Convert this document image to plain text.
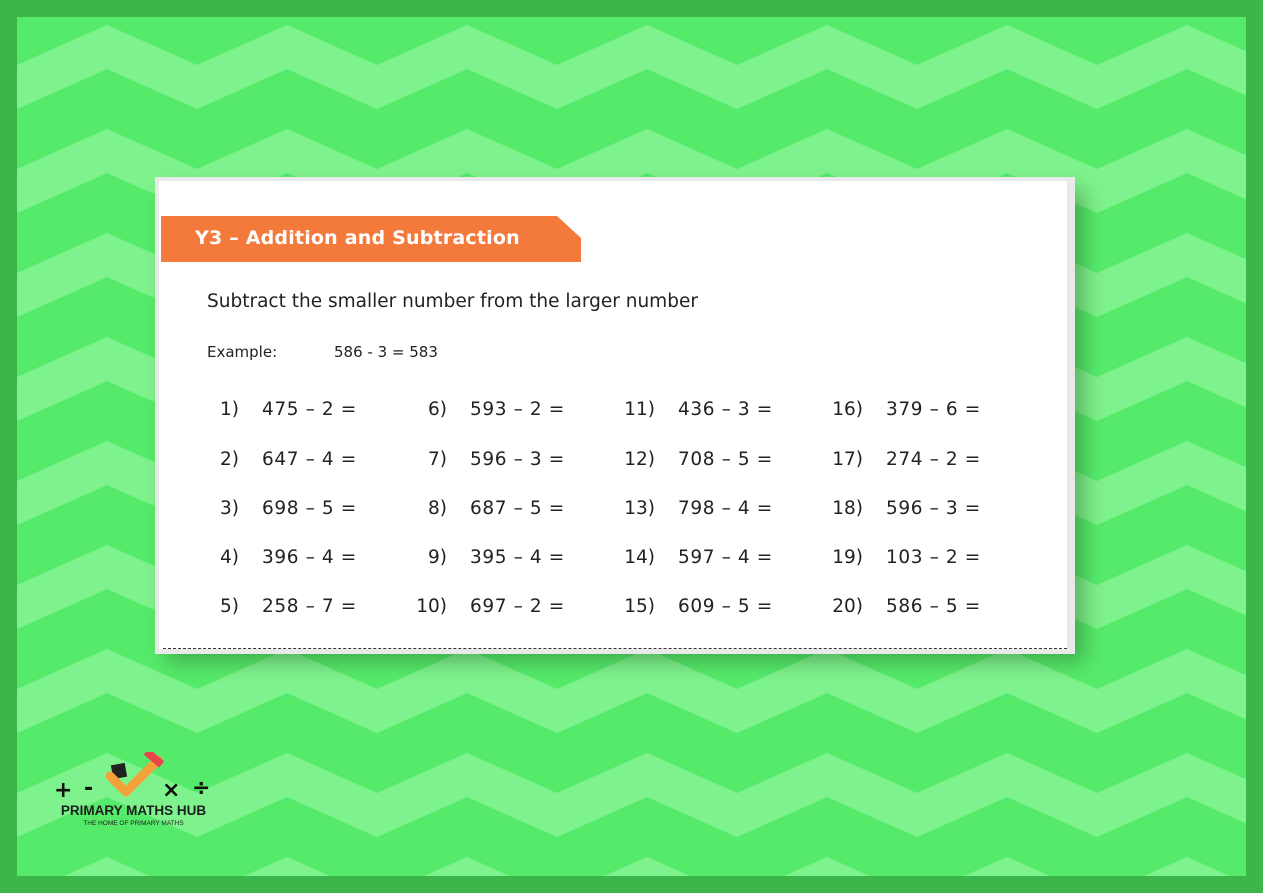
Y3 – Addition and Subtraction
Subtract the smaller number from the larger number
Example:	586 - 3 = 583
1) 475 – 2 =
2) 647 – 4 =
3) 698 – 5 =
4) 396 – 4 =
5) 258 – 7 =
6) 593 – 2 =
7) 596 – 3 =
8) 687 – 5 =
9) 395 – 4 =
10) 697 – 2 =
11) 436 – 3 =
12) 708 – 5 =
13) 798 – 4 =
14) 597 – 4 =
15) 609 – 5 =
16) 379 – 6 =
17) 274 – 2 =
18) 596 – 3 =
19) 103 – 2 =
20) 586 – 5 =
+ -	× ÷
PRIMARY MATHS HUB
THE HOME OF PRIMARY MATHS
